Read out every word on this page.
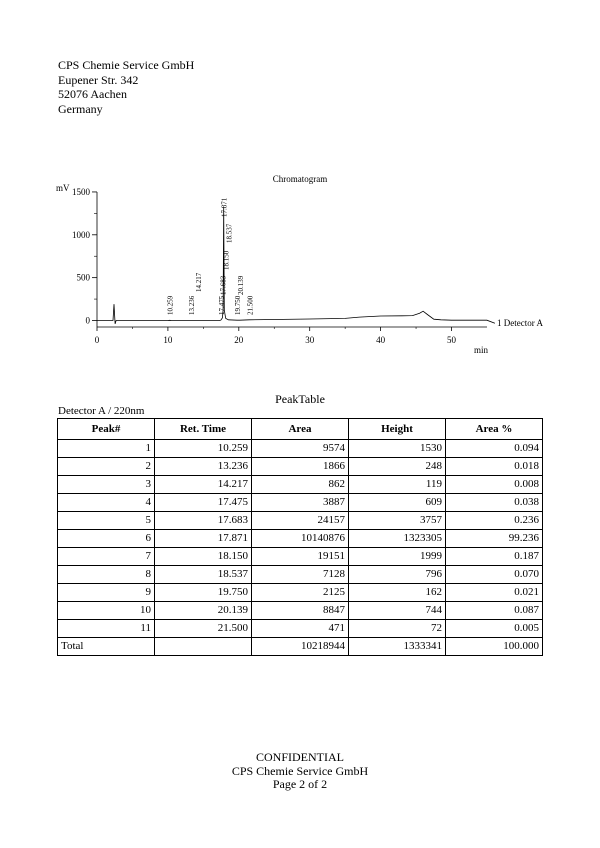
CPS Chemie Service GmbH
Eupener Str. 342
52076 Aachen
Germany
Chromatogram
mV
min
0	10	20	30	40	50
0
500
1000
1500
10.259 13.236
14.217
17.475
17.683
17.871
18.150
18.537
19.750
20.139
21.500
1 Detector A
PeakTable
Detector A / 220nm
Peak#	Ret. Time	Area	Height	Area %
1	10.259	9574	1530	0.094
2	13.236	1866	248	0.018
3	14.217	862	119	0.008
4	17.475	3887	609	0.038
5	17.683	24157	3757	0.236
6	17.871	10140876	1323305	99.236
7	18.150	19151	1999	0.187
8	18.537	7128	796	0.070
9	19.750	2125	162	0.021
10	20.139	8847	744	0.087
11	21.500	471	72	0.005
Total		10218944	1333341	100.000
CONFIDENTIAL
CPS Chemie Service GmbH
Page 2 of 2
